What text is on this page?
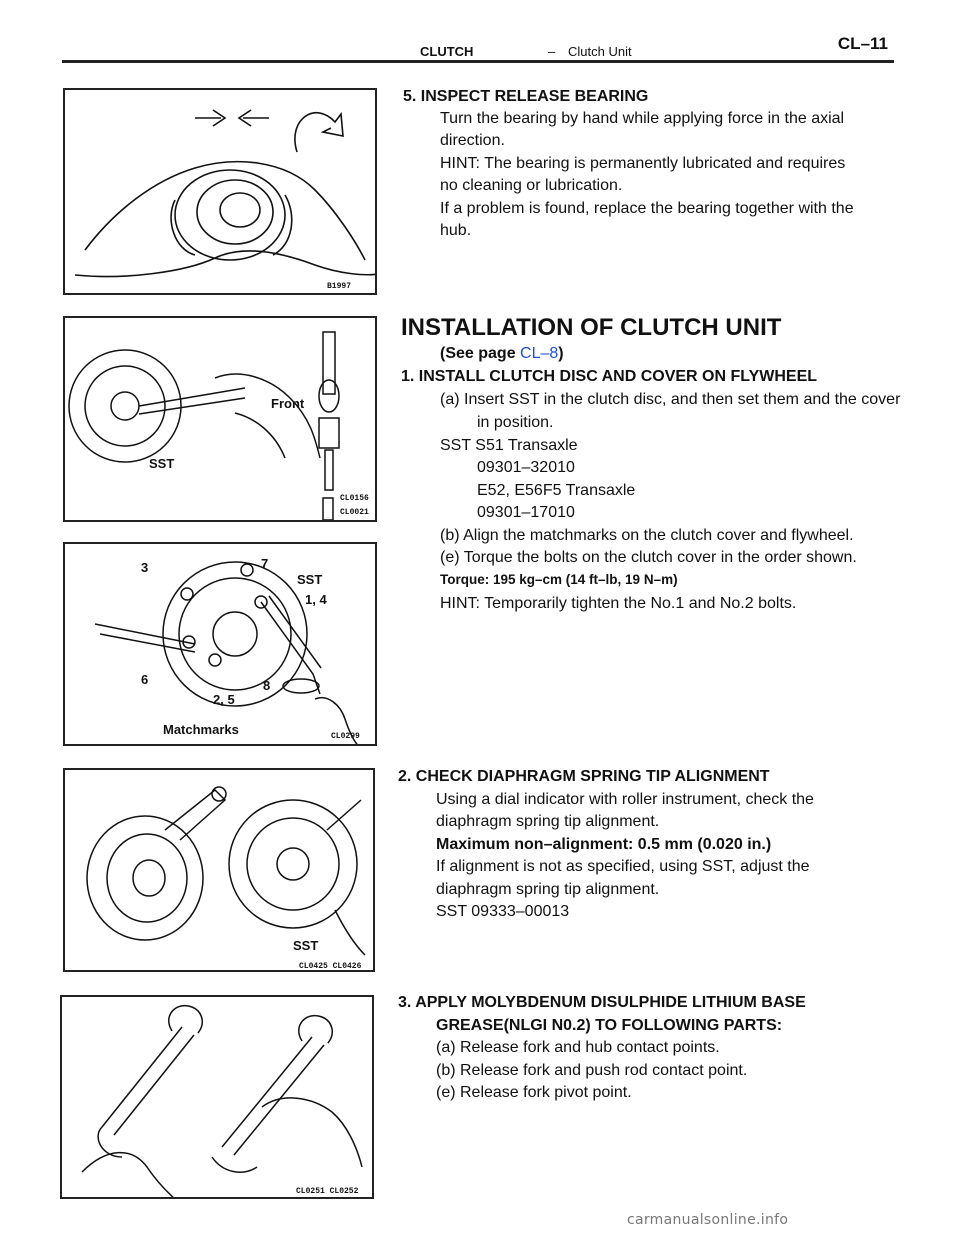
CLUTCH	– Clutch Unit	CL–11
B1997
Front
SST
CL0156
CL0021
3	7
SST
1, 4
6
2, 5
8
Matchmarks	CL0299
SST
CL0425 CL0426
CL0251 CL0252
5. INSPECT RELEASE BEARING
Turn the bearing by hand while applying force in the axial
direction.
HINT: The bearing is permanently lubricated and requires
no cleaning or lubrication.
If a problem is found, replace the bearing together with the
hub.
INSTALLATION OF CLUTCH UNIT
(See page CL–8)
1. INSTALL CLUTCH DISC AND COVER ON FLYWHEEL
(a) Insert SST in the clutch disc, and then set them and the cover
in position.
SST S51 Transaxle
09301–32010
E52, E56F5 Transaxle
09301–17010
(b) Align the matchmarks on the clutch cover and flywheel.
(e) Torque the bolts on the clutch cover in the order shown.
Torque: 195 kg–cm (14 ft–lb, 19 N–m)
HINT: Temporarily tighten the No.1 and No.2 bolts.
2. CHECK DIAPHRAGM SPRING TIP ALIGNMENT
Using a dial indicator with roller instrument, check the
diaphragm spring tip alignment.
Maximum non–alignment: 0.5 mm (0.020 in.)
If alignment is not as specified, using SST, adjust the
diaphragm spring tip alignment.
SST 09333–00013
3. APPLY MOLYBDENUM DISULPHIDE LITHIUM BASE
GREASE(NLGI N0.2) TO FOLLOWING PARTS:
(a) Release fork and hub contact points.
(b) Release fork and push rod contact point.
(e) Release fork pivot point.
carmanualsonline.info
